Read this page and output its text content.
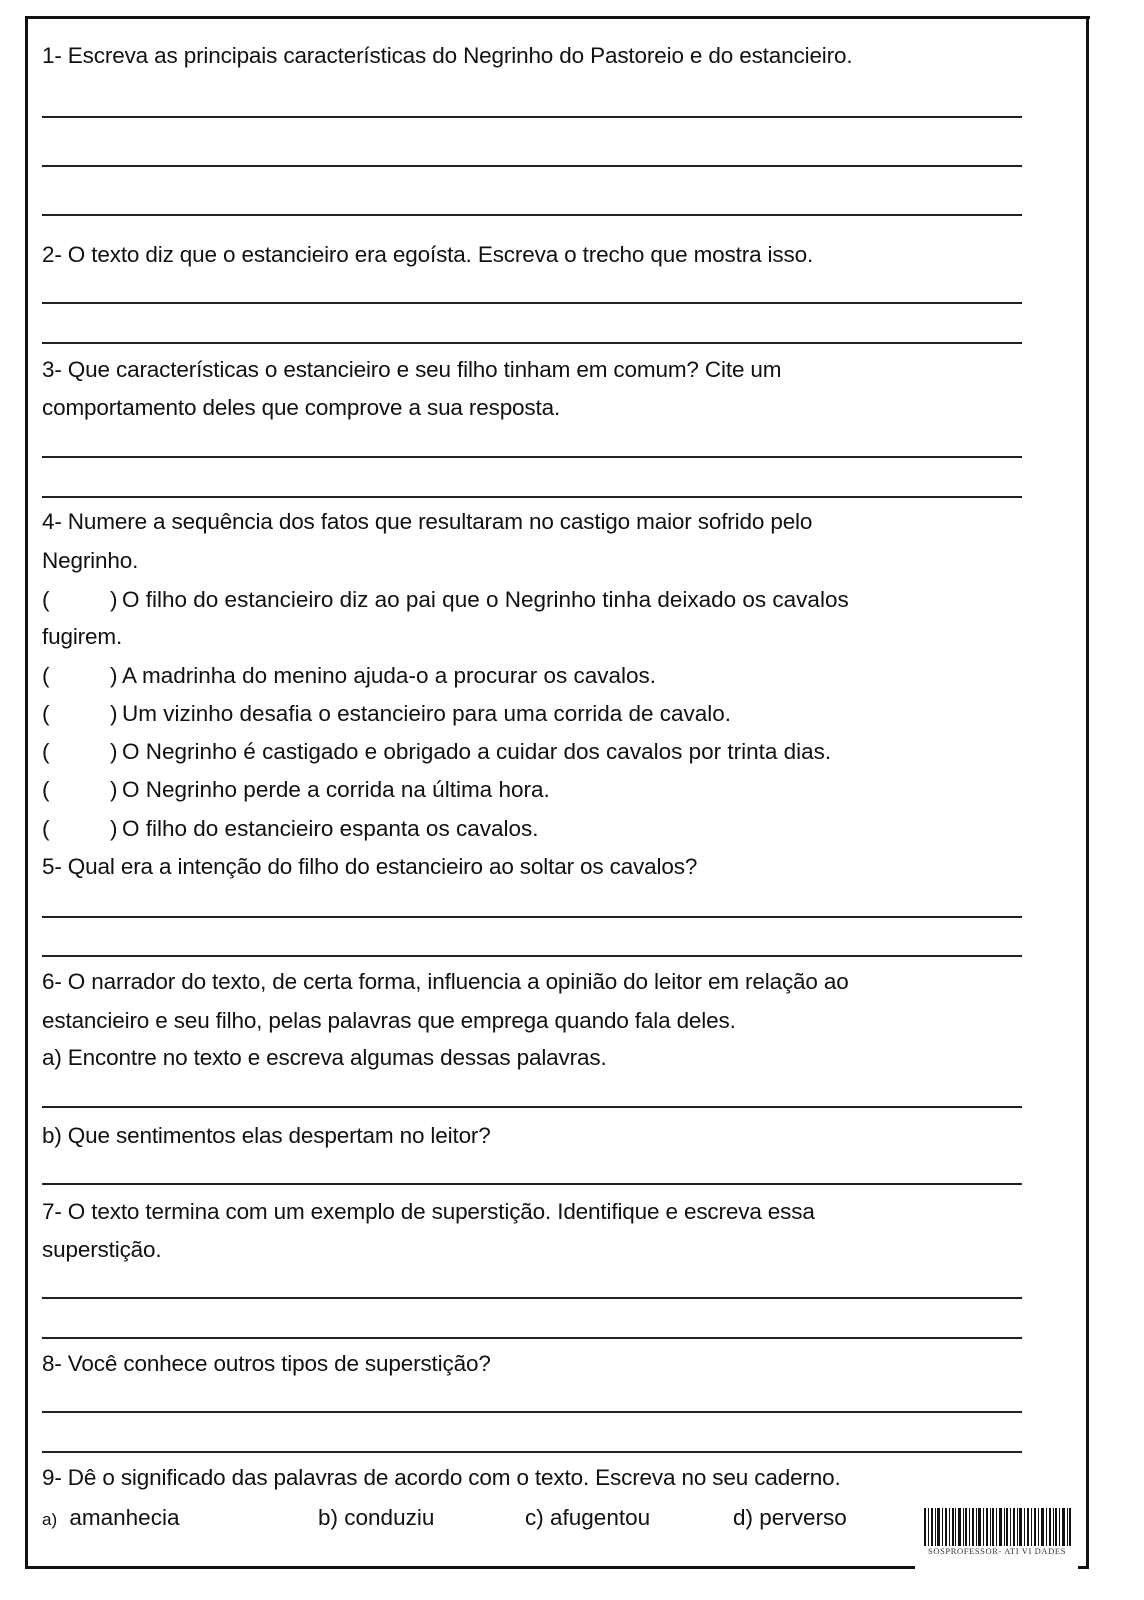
1- Escreva as principais características do Negrinho do Pastoreio e do estancieiro.
2- O texto diz que o estancieiro era egoísta. Escreva o trecho que mostra isso.
3- Que características o estancieiro e seu filho tinham em comum? Cite um
comportamento deles que comprove a sua resposta.
4- Numere a sequência dos fatos que resultaram no castigo maior sofrido pelo
Negrinho.
(	) O filho do estancieiro diz ao pai que o Negrinho tinha deixado os cavalos
fugirem.
(	) A madrinha do menino ajuda-o a procurar os cavalos.
(	) Um vizinho desafia o estancieiro para uma corrida de cavalo.
(	) O Negrinho é castigado e obrigado a cuidar dos cavalos por trinta dias.
(	) O Negrinho perde a corrida na última hora.
(	) O filho do estancieiro espanta os cavalos.
5- Qual era a intenção do filho do estancieiro ao soltar os cavalos?
6- O narrador do texto, de certa forma, influencia a opinião do leitor em relação ao
estancieiro e seu filho, pelas palavras que emprega quando fala deles.
a) Encontre no texto e escreva algumas dessas palavras.
b) Que sentimentos elas despertam no leitor?
7- O texto termina com um exemplo de superstição. Identifique e escreva essa
superstição.
8- Você conhece outros tipos de superstição?
9- Dê o significado das palavras de acordo com o texto. Escreva no seu caderno.
a) amanhecia	b) conduziu	c) afugentou	d) perverso
SOSPROFESSOR- ATI VI DADES
